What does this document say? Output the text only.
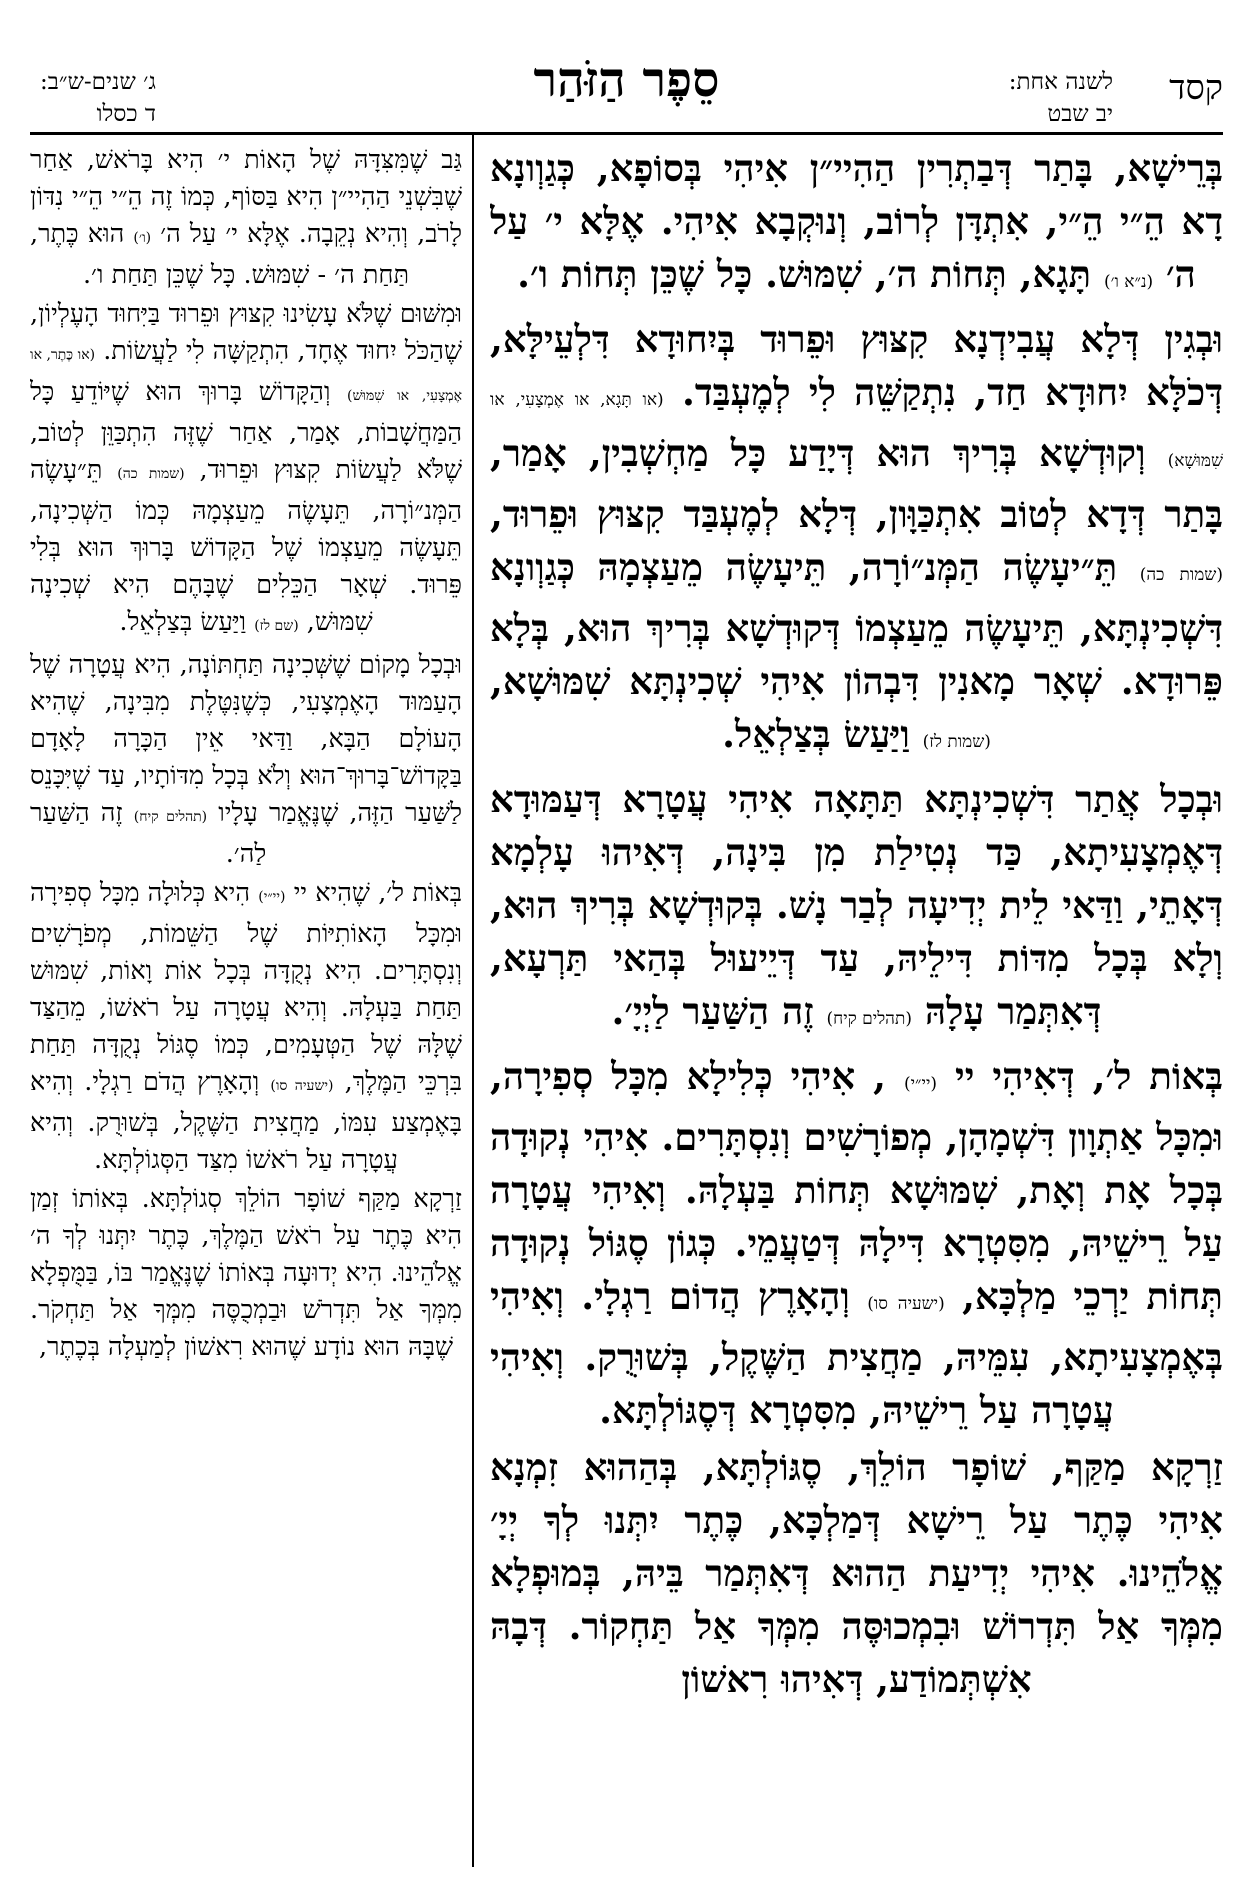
קסד
לשנה אחת:
יב שבט
סֵפֶר הַזֹּהַר
ג׳ שנים-ש״ב:
ד כסלו

בְּרֵישָׁא, בָּתַר דְּבַתְרִין הַהִיי״ן אִיהִי בְּסוֹפָא, כְּגַוְונָא דָא הֵ״י הֵ״י, אִתְדָּן לְרוֹב, וְנוּקְבָא אִיהִי. אֶלָּא י׳ עַל ה׳ (נ״א ו׳) תָּגָא, תְּחוֹת ה׳, שִׁמּוּשׁ. כָּל שֶׁכֵּן תְּחוֹת ו׳.

וּבְגִין דְּלָא עֲבִידְנָא קִצּוּץ וּפֵרוּד בְּיִחוּדָא דִּלְעֵילָּא, דְּכֹלָּא יִחוּדָא חַד, נִתְקַשֵּׁה לִי לְמֶעְבַּד. (או תָּגָא, או אֶמְצָעִי, או שִׁמּוּשָׁא) וְקוּדְשָׁא בְּרִיךְ הוּא דְּיָדַע כָּל מַחְשְׁבִין, אָמַר, בָּתַר דְּדָא לְטוֹב אִתְכַּוָּון, דְּלָא לְמֶעְבַּד קִצּוּץ וּפֵרוּד, (שמות כה) תֵּ״יעָשֶׂה הַמְּנ״וֹרָה, תֵּיעָשֶׂה מֵעַצְמָהּ כְּגַוְונָא דִּשְׁכִינְתָּא, תֵּיעָשֶׂה מֵעַצְמוֹ דְּקוּדְשָׁא בְּרִיךְ הוּא, בְּלָא פֵּרוּדָא. שְׁאָר מָאנִין דִּבְהוֹן אִיהִי שְׁכִינְתָּא שִׁמּוּשָׁא, (שמות לז) וַיַּעַשׂ בְּצַלְאֵל.

וּבְכָל אֲתַר דִּשְׁכִינְתָּא תַּתָּאָה אִיהִי עֲטָרָא דְּעַמּוּדָא דְּאֶמְצָעִיתָא, כַּד נְטִילַת מִן בִּינָה, דְּאִיהוּ עָלְמָא דְּאָתֵי, וַדַּאי לֵית יְדִיעָה לְבַר נָשׁ. בְּקוּדְשָׁא בְּרִיךְ הוּא, וְלָא בְּכָל מִדּוֹת דִּילֵיהּ, עַד דְּיֵיעוּל בְּהַאי תַּרְעָא, דְּאִתְּמַר עָלָהּ (תהלים קיח) זֶה הַשַּׁעַר לַיְיָ׳.

בְּאוֹת ל׳, דְּאִיהִי יי (יי״י) , אִיהִי כְּלִילָא מִכָּל סְפִירָה, וּמִכָּל אַתְוָון דִּשְׁמָהָן, מְפוֹרָשִׁים וְנִסְתָּרִים. אִיהִי נְקוּדָה בְּכָל אָת וְאָת, שִׁמּוּשָׁא תְּחוֹת בַּעְלָהּ. וְאִיהִי עֲטָרָה עַל רֵישֵׁיהּ, מִסִּטְרָא דִּילָהּ דְּטַעֲמֵי. כְּגוֹן סֶגּוֹל נְקוּדָה תְּחוֹת יַרְכֵי מַלְכָּא, (ישעיה סו) וְהָאָרֶץ הֲדוֹם רַגְלָי. וְאִיהִי בְּאֶמְצָעִיתָא, עִמֵּיהּ, מַחֲצִית הַשֶּׁקֶל, בְּשׁוּרֻק. וְאִיהִי עֲטָרָה עַל רֵישֵׁיהּ, מִסִּטְרָא דְּסֶגּוֹלְתָּא.

זַרְקָא מַקַּף, שׁוֹפָר הוֹלֵךְ, סֶגּוֹלְתָּא, בְּהַהוּא זִמְנָא אִיהִי כֶּתֶר עַל רֵישָׁא דְּמַלְכָּא, כֶּתֶר יִתְּנוּ לְךָ יְיָ׳ אֱלֹהֵינוּ. אִיהִי יְדִיעַת הַהוּא דְּאִתְּמַר בֵּיהּ, בְּמוּפְלָא מִמְּךָ אַל תִּדְרוֹשׁ וּבִמְכוּסֶּה מִמְּךָ אַל תַּחְקוֹר. דְּבָהּ אִשְׁתְּמוֹדַע, דְּאִיהוּ רִאשׁוֹן

גַּב שֶׁמִּצִּדָּהּ שֶׁל הָאוֹת י׳ הִיא בָּרֹאשׁ, אַחַר שֶׁבִּשְׁנֵי הַהִיי״ן הִיא בַּסּוֹף, כְּמוֹ זֶה הֵ״י הֵ״י נִדּוֹן לָרֹב, וְהִיא נְקֵבָה. אֶלָּא י׳ עַל ה׳ (ו׳) הוּא כֶּתֶר, תַּחַת ה׳ - שִׁמּוּשׁ. כָּל שֶׁכֵּן תַּחַת ו׳.

וּמִשּׁוּם שֶׁלֹּא עָשִׂינוּ קִצּוּץ וּפֵרוּד בַּיִּחוּד הָעֶלְיוֹן, שֶׁהַכֹּל יִחוּד אֶחָד, הִתְקַשָּׁה לִי לַעֲשׂוֹת. (או כֶּתֶר, או אֶמְצָעִי, או שִׁמּוּשׁ) וְהַקָּדוֹשׁ בָּרוּךְ הוּא שֶׁיּוֹדֵעַ כָּל הַמַּחֲשָׁבוֹת, אָמַר, אַחַר שֶׁזֶּה הִתְכַּוֵּן לְטוֹב, שֶׁלֹּא לַעֲשׂוֹת קִצּוּץ וּפֵרוּד, (שמות כה) תֵּ״עָשֶׂה הַמְּנ״וֹרָה, תֵּעָשֶׂה מֵעַצְמָהּ כְּמוֹ הַשְּׁכִינָה, תֵּעָשֶׂה מֵעַצְמוֹ שֶׁל הַקָּדוֹשׁ בָּרוּךְ הוּא בְּלִי פֵּרוּד. שְׁאָר הַכֵּלִים שֶׁבָּהֶם הִיא שְׁכִינָה שִׁמּוּשׁ, (שם לז) וַיַּעַשׂ בְּצַלְאֵל.

וּבְכָל מָקוֹם שֶׁשְּׁכִינָה תַּחְתּוֹנָה, הִיא עֲטָרָה שֶׁל הָעַמּוּד הָאֶמְצָעִי, כְּשֶׁנִּטֶּלֶת מִבִּינָה, שֶׁהִיא הָעוֹלָם הַבָּא, וַדַּאי אֵין הַכָּרָה לָאָדָם בַּקָּדוֹשׁ־בָּרוּךְ־הוּא וְלֹא בְּכָל מִדּוֹתָיו, עַד שֶׁיִּכָּנֵס לַשַּׁעַר הַזֶּה, שֶׁנֶּאֱמַר עָלָיו (תהלים קיח) זֶה הַשַּׁעַר לַה׳.

בְּאוֹת ל׳, שֶׁהִיא יי (יי״י) הִיא כְּלוּלָה מִכָּל סְפִירָה וּמִכָּל הָאוֹתִיּוֹת שֶׁל הַשֵּׁמוֹת, מְפֹרָשִׁים וְנִסְתָּרִים. הִיא נְקֻדָּה בְּכָל אוֹת וָאוֹת, שִׁמּוּשׁ תַּחַת בַּעְלָהּ. וְהִיא עֲטָרָה עַל רֹאשׁוֹ, מֵהַצַּד שֶׁלָּהּ שֶׁל הַטְּעָמִים, כְּמוֹ סֶגּוֹל נְקֻדָּה תַּחַת בִּרְכֵּי הַמֶּלֶךְ, (ישעיה סו) וְהָאָרֶץ הֲדֹם רַגְלָי. וְהִיא בָּאֶמְצַע עִמּוֹ, מַחֲצִית הַשֶּׁקֶל, בְּשׁוּרֻק. וְהִיא עֲטָרָה עַל רֹאשׁוֹ מִצַּד הַסְּגוֹלְתָּא.

זַרְקָא מַקַּף שׁוֹפָר הוֹלֵךְ סְגוֹלְתָּא. בְּאוֹתוֹ זְמַן הִיא כֶּתֶר עַל רֹאשׁ הַמֶּלֶךְ, כֶּתֶר יִתְּנוּ לְךָ ה׳ אֱלֹהֵינוּ. הִיא יְדוּעָה בְּאוֹתוֹ שֶׁנֶּאֱמַר בּוֹ, בַּמֻּפְלָא מִמְּךָ אַל תִּדְרֹשׁ וּבַמְכֻסֶּה מִמְּךָ אַל תַּחְקֹר. שֶׁבָּהּ הוּא נוֹדָע שֶׁהוּא רִאשׁוֹן לְמַעְלָה בְּכֶתֶר,
